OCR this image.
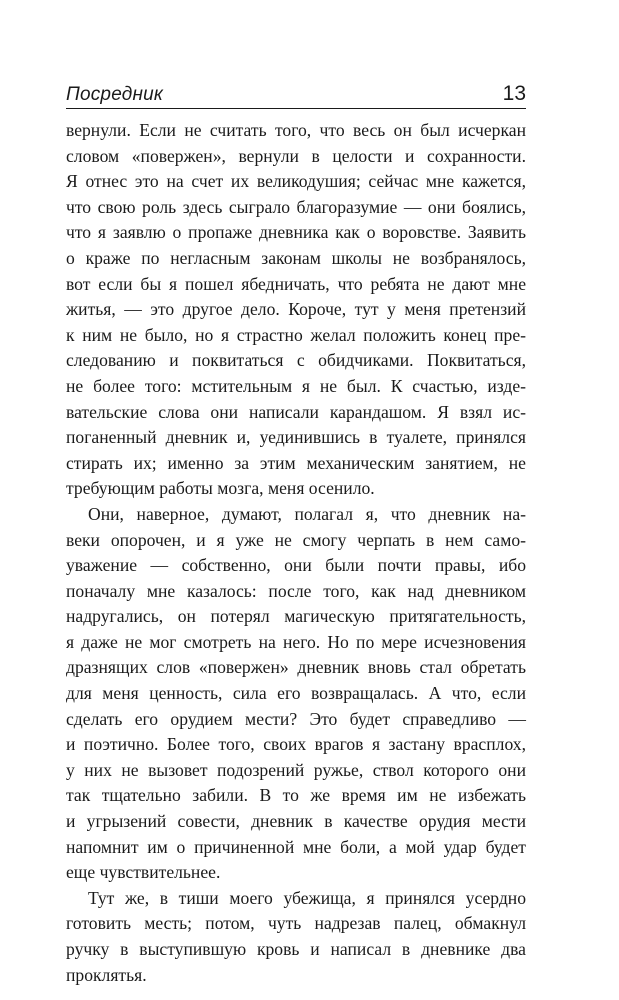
Посредник	13

вернули. Если не считать того, что весь он был исчеркан
словом «повержен», вернули в целости и сохранности.
Я отнес это на счет их великодушия; сейчас мне кажется,
что свою роль здесь сыграло благоразумие — они боялись,
что я заявлю о пропаже дневника как о воровстве. Заявить
о краже по негласным законам школы не возбранялось,
вот если бы я пошел ябедничать, что ребята не дают мне
житья, — это другое дело. Короче, тут у меня претензий
к ним не было, но я страстно желал положить конец пре-
следованию и поквитаться с обидчиками. Поквитаться,
не более того: мстительным я не был. К счастью, изде-
вательские слова они написали карандашом. Я взял ис-
поганенный дневник и, уединившись в туалете, принялся
стирать их; именно за этим механическим занятием, не
требующим работы мозга, меня осенило.

Они, наверное, думают, полагал я, что дневник на-
веки опорочен, и я уже не смогу черпать в нем само-
уважение — собственно, они были почти правы, ибо
поначалу мне казалось: после того, как над дневником
надругались, он потерял магическую притягательность,
я даже не мог смотреть на него. Но по мере исчезновения
дразнящих слов «повержен» дневник вновь стал обретать
для меня ценность, сила его возвращалась. А что, если
сделать его орудием мести? Это будет справедливо —
и поэтично. Более того, своих врагов я застану врасплох,
у них не вызовет подозрений ружье, ствол которого они
так тщательно забили. В то же время им не избежать
и угрызений совести, дневник в качестве орудия мести
напомнит им о причиненной мне боли, а мой удар будет
еще чувствительнее.

Тут же, в тиши моего убежища, я принялся усердно
готовить месть; потом, чуть надрезав палец, обмакнул
ручку в выступившую кровь и написал в дневнике два
проклятья.
